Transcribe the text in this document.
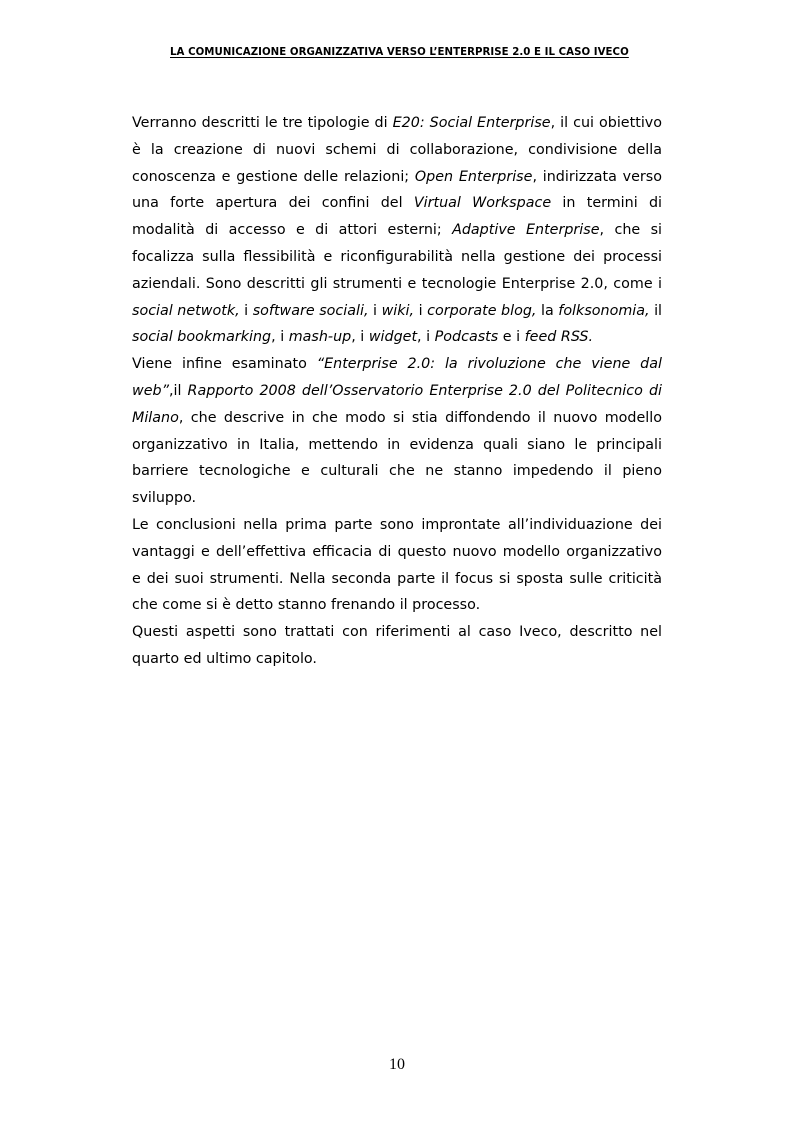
LA COMUNICAZIONE ORGANIZZATIVA VERSO L’ENTERPRISE 2.0 E IL CASO IVECO

Verranno descritti le tre tipologie di E20: Social Enterprise, il cui obiettivo è la creazione di nuovi schemi di collaborazione, condivisione della conoscenza e gestione delle relazioni; Open Enterprise, indirizzata verso una forte apertura dei confini del Virtual Workspace in termini di modalità di accesso e di attori esterni; Adaptive Enterprise, che si focalizza sulla flessibilità e riconfigurabilità nella gestione dei processi aziendali. Sono descritti gli strumenti e tecnologie Enterprise 2.0, come i social netwotk, i software sociali, i wiki, i corporate blog, la folksonomia, il social bookmarking, i mash-up, i widget, i Podcasts e i feed RSS.

Viene infine esaminato “Enterprise 2.0: la rivoluzione che viene dal web”,il Rapporto 2008 dell’Osservatorio Enterprise 2.0 del Politecnico di Milano, che descrive in che modo si stia diffondendo il nuovo modello organizzativo in Italia, mettendo in evidenza quali siano le principali barriere tecnologiche e culturali che ne stanno impedendo il pieno sviluppo.

Le conclusioni nella prima parte sono improntate all’individuazione dei vantaggi e dell’effettiva efficacia di questo nuovo modello organizzativo e dei suoi strumenti. Nella seconda parte il focus si sposta sulle criticità che come si è detto stanno frenando il processo.

Questi aspetti sono trattati con riferimenti al caso Iveco, descritto nel quarto ed ultimo capitolo.

10
